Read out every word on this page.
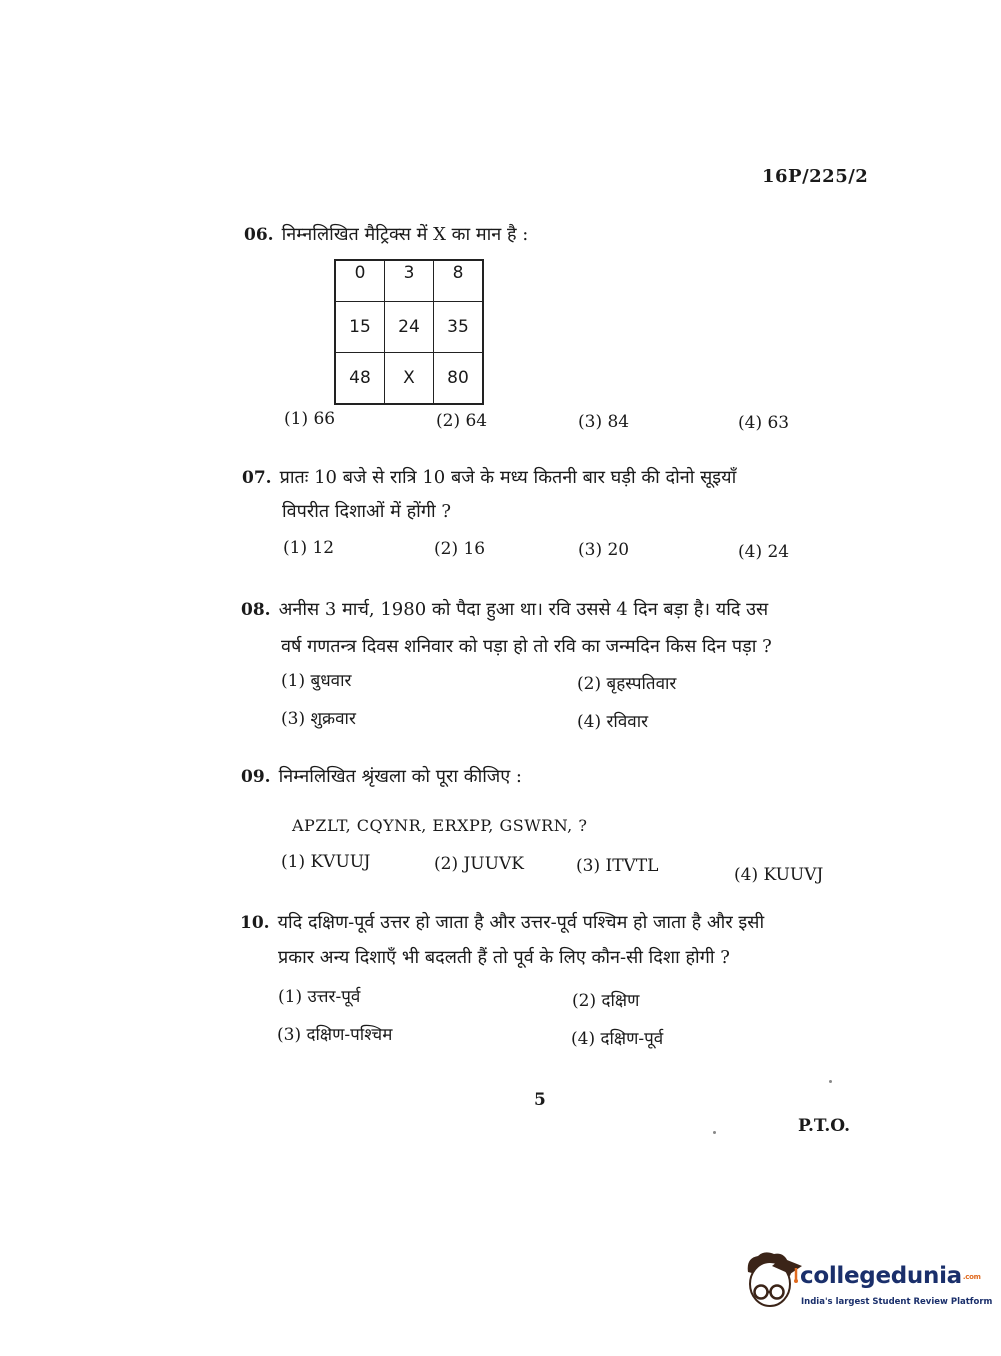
16P/225/2
06. निम्नलिखित मैट्रिक्स में X का मान है :
0	3	8
15	24	35
48	X	80
(1) 66	(2) 64	(3) 84	(4) 63
07. प्रातः 10 बजे से रात्रि 10 बजे के मध्य कितनी बार घड़ी की दोनो सूइयाँ
विपरीत दिशाओं में होंगी ?
(1) 12	(2) 16	(3) 20	(4) 24
08. अनीस 3 मार्च, 1980 को पैदा हुआ था। रवि उससे 4 दिन बड़ा है। यदि उस
वर्ष गणतन्त्र दिवस शनिवार को पड़ा हो तो रवि का जन्मदिन किस दिन पड़ा ?
(1) बुधवार	(2) बृहस्पतिवार
(3) शुक्रवार	(4) रविवार
09. निम्नलिखित श्रृंखला को पूरा कीजिए :
APZLT, CQYNR, ERXPP, GSWRN, ?
(1) KVUUJ	(2) JUUVK	(3) ITVTL	(4) KUUVJ
10. यदि दक्षिण-पूर्व उत्तर हो जाता है और उत्तर-पूर्व पश्चिम हो जाता है और इसी
प्रकार अन्य दिशाएँ भी बदलती हैं तो पूर्व के लिए कौन-सी दिशा होगी ?
(1) उत्तर-पूर्व	(2) दक्षिण
(3) दक्षिण-पश्चिम	(4) दक्षिण-पूर्व
5
P.T.O.
collegedunia.com
India's largest Student Review Platform
